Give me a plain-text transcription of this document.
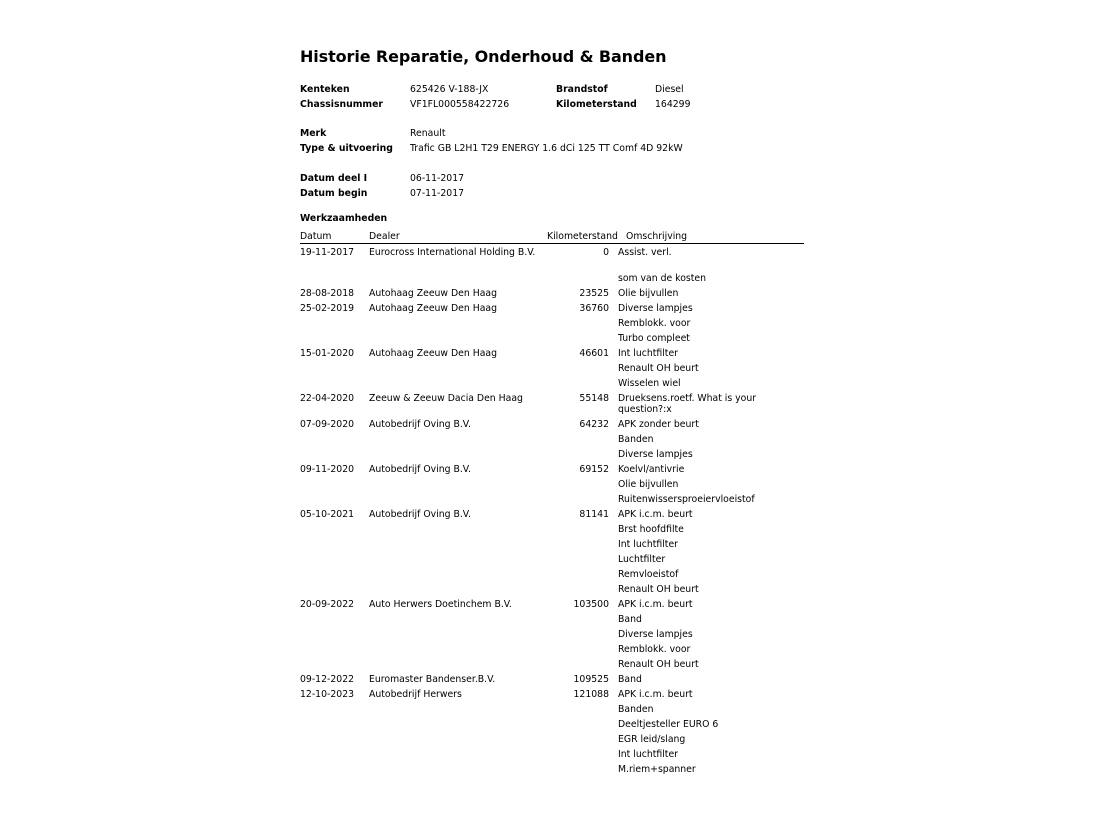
Historie Reparatie, Onderhoud & Banden
Kenteken	625426 V-188-JX	Brandstof	Diesel
Chassisnummer	VF1FL000558422726	Kilometerstand 164299
Merk	Renault
Type & uitvoering Trafic GB L2H1 T29 ENERGY 1.6 dCi 125 TT Comf 4D 92kW
Datum deel I	06-11-2017
Datum begin	07-11-2017
Werkzaamheden
Datum	Dealer	Kilometerstand Omschrijving
19-11-2017	Eurocross International Holding B.V.	0 Assist. verl.
som van de kosten
28-08-2018	Autohaag Zeeuw Den Haag	23525 Olie bijvullen
25-02-2019	Autohaag Zeeuw Den Haag	36760 Diverse lampjes
Remblokk. voor
Turbo compleet
15-01-2020	Autohaag Zeeuw Den Haag	46601 Int luchtfilter
Renault OH beurt
Wisselen wiel
22-04-2020	Zeeuw & Zeeuw Dacia Den Haag	55148 Drueksens.roetf. What is your question?:x
07-09-2020	Autobedrijf Oving B.V.	64232 APK zonder beurt
Banden
Diverse lampjes
09-11-2020	Autobedrijf Oving B.V.	69152 Koelvl/antivrie
Olie bijvullen
Ruitenwissersproeiervloeistof
05-10-2021	Autobedrijf Oving B.V.	81141 APK i.c.m. beurt
Brst hoofdfilte
Int luchtfilter
Luchtfilter
Remvloeistof
Renault OH beurt
20-09-2022	Auto Herwers Doetinchem B.V.	103500 APK i.c.m. beurt
Band
Diverse lampjes
Remblokk. voor
Renault OH beurt
09-12-2022	Euromaster Bandenser.B.V.	109525 Band
12-10-2023	Autobedrijf Herwers	121088 APK i.c.m. beurt
Banden
Deeltjesteller EURO 6
EGR leid/slang
Int luchtfilter
M.riem+spanner
